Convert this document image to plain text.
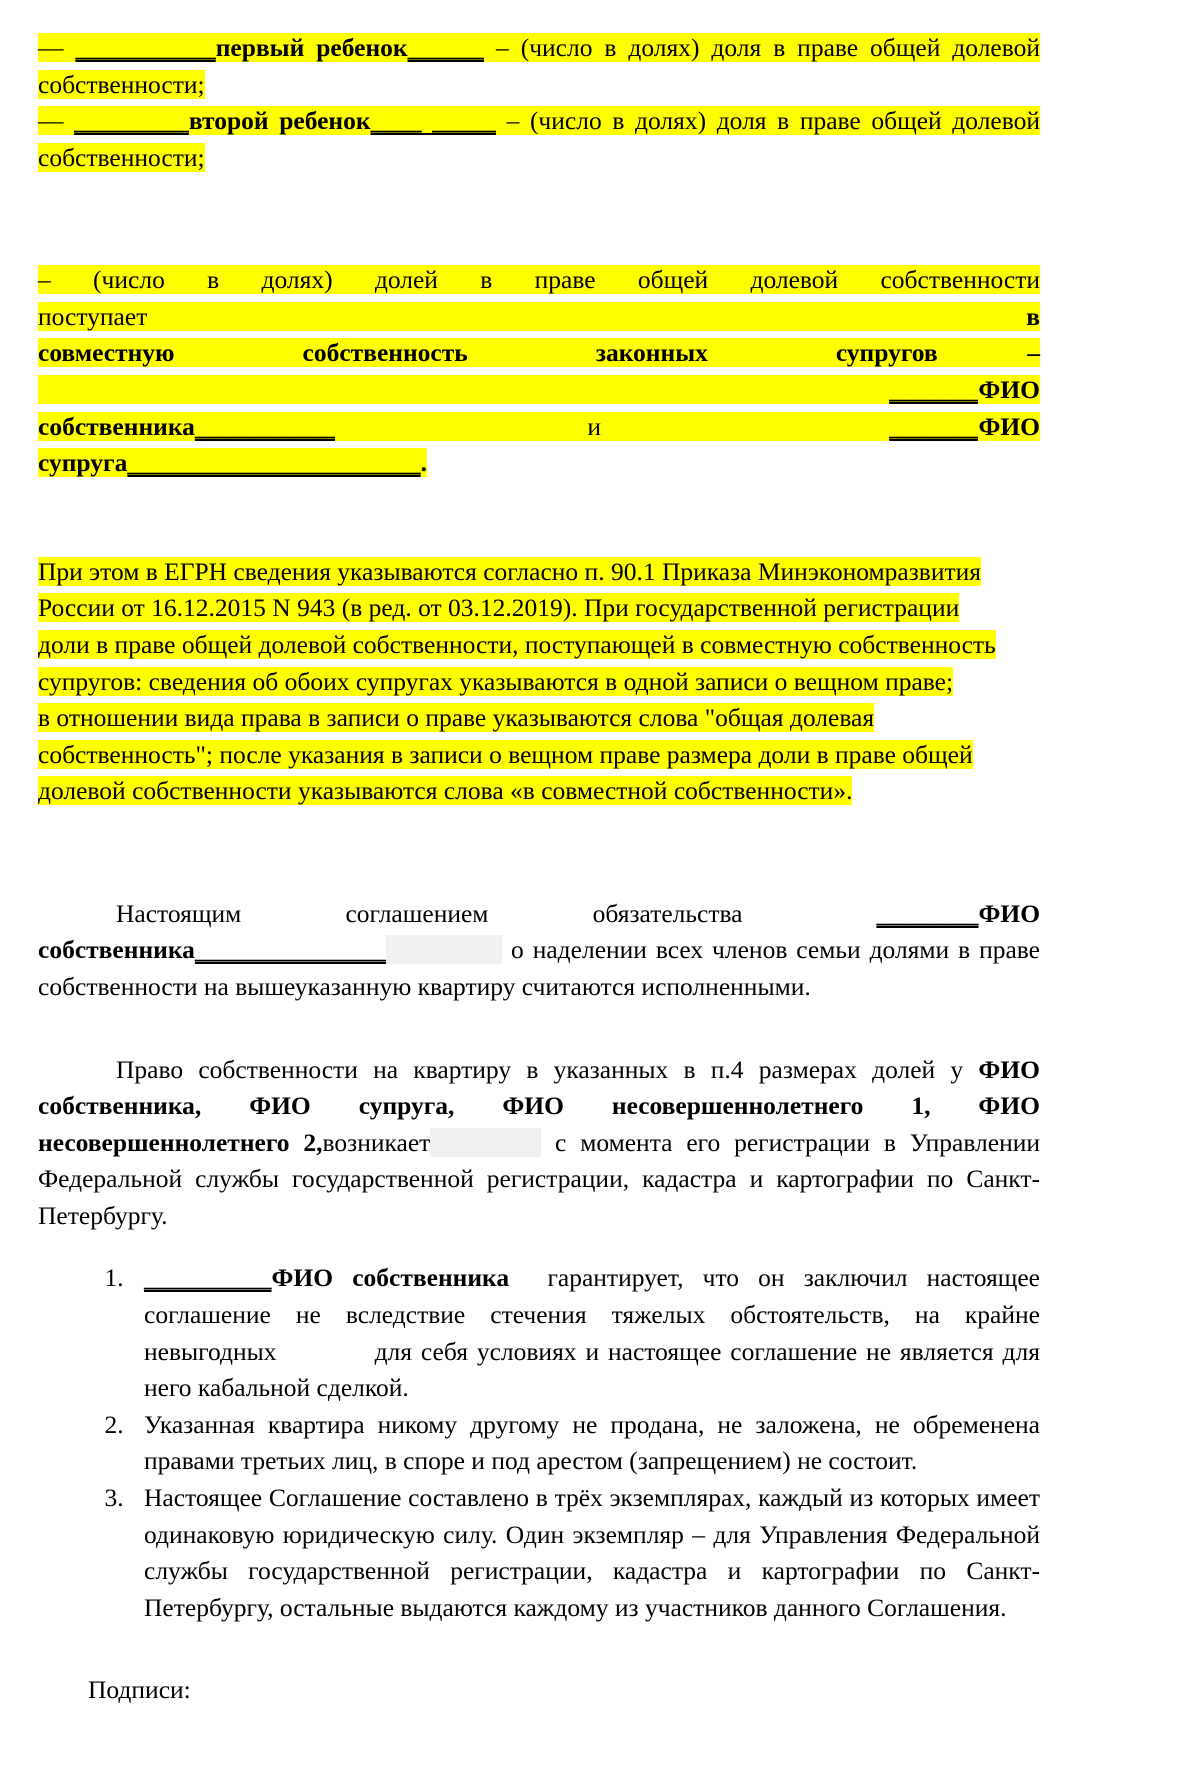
— ___________первый ребенок______ – (число в долях) доля в праве общей долевой собственности;

— _________второй ребенок____ _____ – (число в долях) доля в праве общей долевой собственности;

– (число в долях) долей в праве общей долевой собственности поступает	в

совместную	собственность	законных	супругов	–              _______ФИО

собственника___________	и	_______ФИО

супруга_______________________.

При этом в ЕГРН сведения указываются согласно п. 90.1 Приказа Минэкономразвития

России от 16.12.2015 N 943 (в ред. от 03.12.2019). При государственной регистрации

доли в праве общей долевой собственности, поступающей в совместную собственность

супругов: сведения об обоих супругах указываются в одной записи о вещном праве;

в отношении вида права в записи о праве указываются слова "общая долевая

собственность"; после указания в записи о вещном праве размера доли в праве общей

долевой собственности указываются слова «в совместной собственности».

Настоящим	соглашением	обязательства	________ФИО

собственника_______________	о наделении всех членов семьи долями в праве собственности на вышеуказанную квартиру считаются исполненными.

Право собственности на квартиру в указанных в п.4 размерах долей у ФИО собственника, ФИО супруга, ФИО несовершеннолетнего 1, ФИО несовершеннолетнего 2,возникает	с момента его регистрации в Управлении Федеральной службы государственной регистрации, кадастра и картографии по Санкт-Петербургу.

1. __________ФИО собственника гарантирует, что он заключил настоящее соглашение не вследствие стечения тяжелых обстоятельств, на крайне невыгодных	для себя условиях и настоящее соглашение не является для него кабальной сделкой.
2. Указанная квартира никому другому не продана, не заложена, не обременена правами третьих лиц, в споре и под арестом (запрещением) не состоит.
3. Настоящее Соглашение составлено в трёх экземплярах, каждый из которых имеет одинаковую юридическую силу. Один экземпляр – для Управления Федеральной службы государственной регистрации, кадастра и картографии по Санкт-Петербургу, остальные выдаются каждому из участников данного Соглашения.

Подписи:
